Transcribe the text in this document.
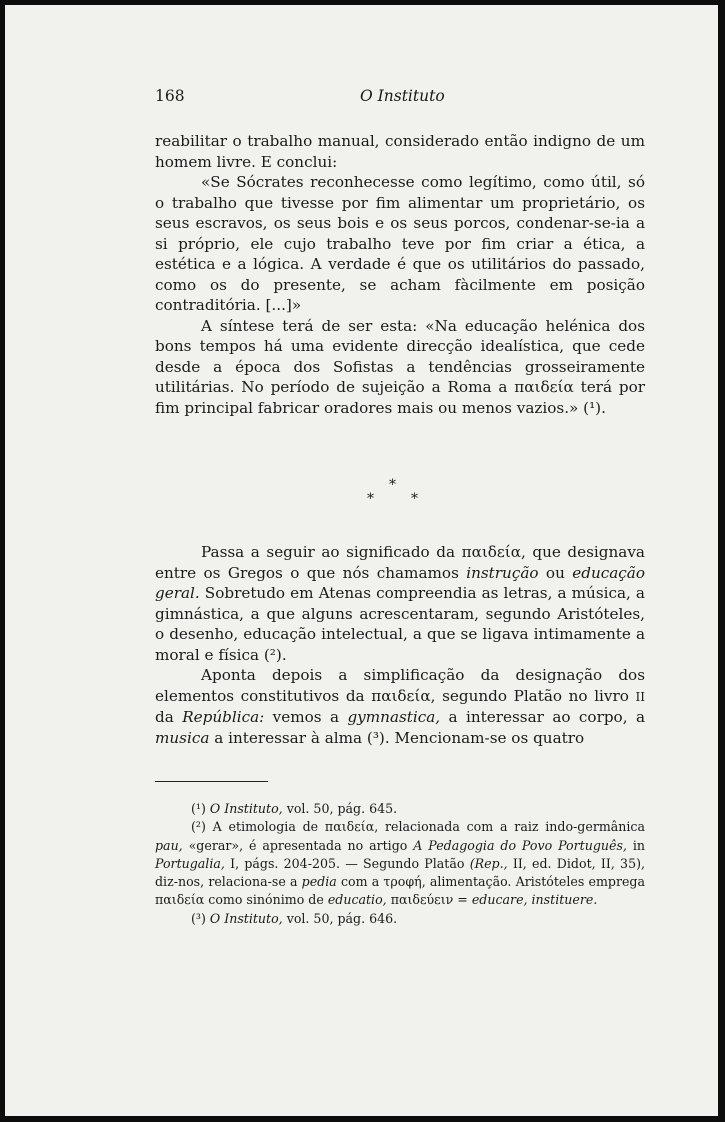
168	O Instituto

reabilitar o trabalho manual, considerado então indigno de um homem livre. E conclui:

«Se Sócrates reconhecesse como legítimo, como útil, só o trabalho que tivesse por fim alimentar um proprietário, os seus escravos, os seus bois e os seus porcos, condenar-se-ia a si próprio, ele cujo trabalho teve por fim criar a ética, a estética e a lógica. A verdade é que os utilitários do passado, como os do presente, se acham fàcilmente em posição contraditória. [...]»

A síntese terá de ser esta: «Na educação helénica dos bons tempos há uma evidente direcção idealística, que cede desde a época dos Sofistas a tendências grosseiramente utilitárias. No período de sujeição a Roma a παιδεία terá por fim principal fabricar oradores mais ou menos vazios.» (¹).

*
*	*

Passa a seguir ao significado da παιδεία, que designava entre os Gregos o que nós chamamos instrução ou educação geral. Sobretudo em Atenas compreendia as letras, a música, a gimnástica, a que alguns acrescentaram, segundo Aristóteles, o desenho, educação intelectual, a que se ligava intimamente a moral e física (²).

Aponta depois a simplificação da designação dos elementos constitutivos da παιδεία, segundo Platão no livro II da República: vemos a gymnastica, a interessar ao corpo, a musica a interessar à alma (³). Mencionam-se os quatro

(¹) O Instituto, vol. 50, pág. 645.

(²) A etimologia de παιδεία, relacionada com a raiz indo-germânica pau, «gerar», é apresentada no artigo A Pedagogia do Povo Português, in Portugalia, I, págs. 204-205. — Segundo Platão (Rep., II, ed. Didot, II, 35), diz-nos, relaciona-se a pedia com a τροφή, alimentação. Aristóteles emprega παιδεία como sinónimo de educatio, παιδεύειν = educare, instituere.

(³) O Instituto, vol. 50, pág. 646.
